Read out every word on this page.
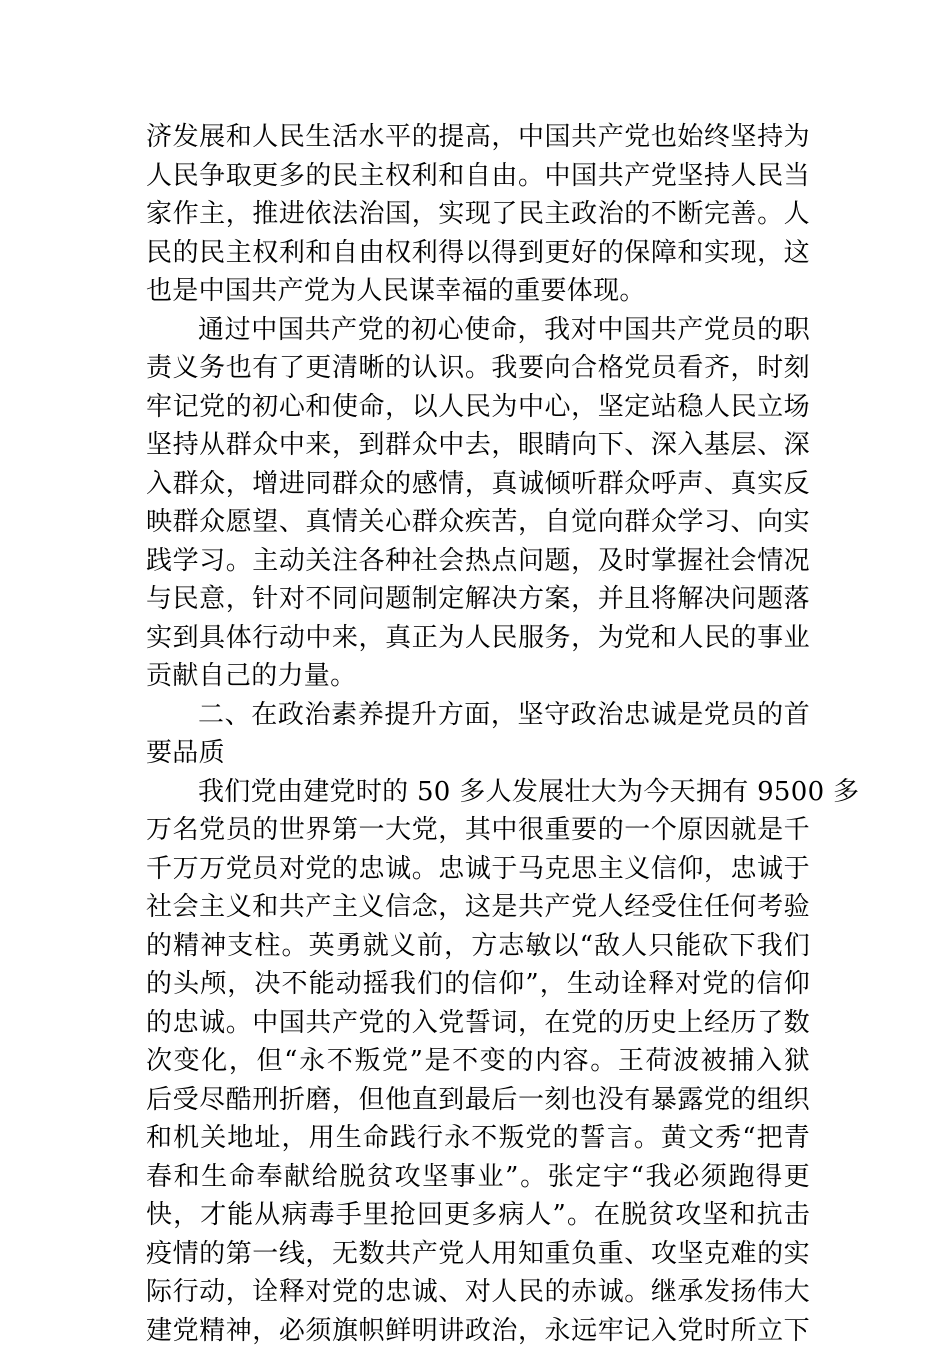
济发展和人民生活水平的提高，中国共产党也始终坚持为
人民争取更多的民主权利和自由。中国共产党坚持人民当
家作主，推进依法治国，实现了民主政治的不断完善。人
民的民主权利和自由权利得以得到更好的保障和实现，这
也是中国共产党为人民谋幸福的重要体现。
通过中国共产党的初心使命，我对中国共产党员的职
责义务也有了更清晰的认识。我要向合格党员看齐，时刻
牢记党的初心和使命，以人民为中心，坚定站稳人民立场
坚持从群众中来，到群众中去，眼睛向下、深入基层、深
入群众，增进同群众的感情，真诚倾听群众呼声、真实反
映群众愿望、真情关心群众疾苦，自觉向群众学习、向实
践学习。主动关注各种社会热点问题，及时掌握社会情况
与民意，针对不同问题制定解决方案，并且将解决问题落
实到具体行动中来，真正为人民服务，为党和人民的事业
贡献自己的力量。
二、在政治素养提升方面，坚守政治忠诚是党员的首
要品质
我们党由建党时的 50 多人发展壮大为今天拥有 9500 多
万名党员的世界第一大党，其中很重要的一个原因就是千
千万万党员对党的忠诚。忠诚于马克思主义信仰，忠诚于
社会主义和共产主义信念，这是共产党人经受住任何考验
的精神支柱。英勇就义前，方志敏以“敌人只能砍下我们
的头颅，决不能动摇我们的信仰”，生动诠释对党的信仰
的忠诚。中国共产党的入党誓词，在党的历史上经历了数
次变化，但“永不叛党”是不变的内容。王荷波被捕入狱
后受尽酷刑折磨，但他直到最后一刻也没有暴露党的组织
和机关地址，用生命践行永不叛党的誓言。黄文秀“把青
春和生命奉献给脱贫攻坚事业”。张定宇“我必须跑得更
快，才能从病毒手里抢回更多病人”。在脱贫攻坚和抗击
疫情的第一线，无数共产党人用知重负重、攻坚克难的实
际行动，诠释对党的忠诚、对人民的赤诚。继承发扬伟大
建党精神，必须旗帜鲜明讲政治，永远牢记入党时所立下
